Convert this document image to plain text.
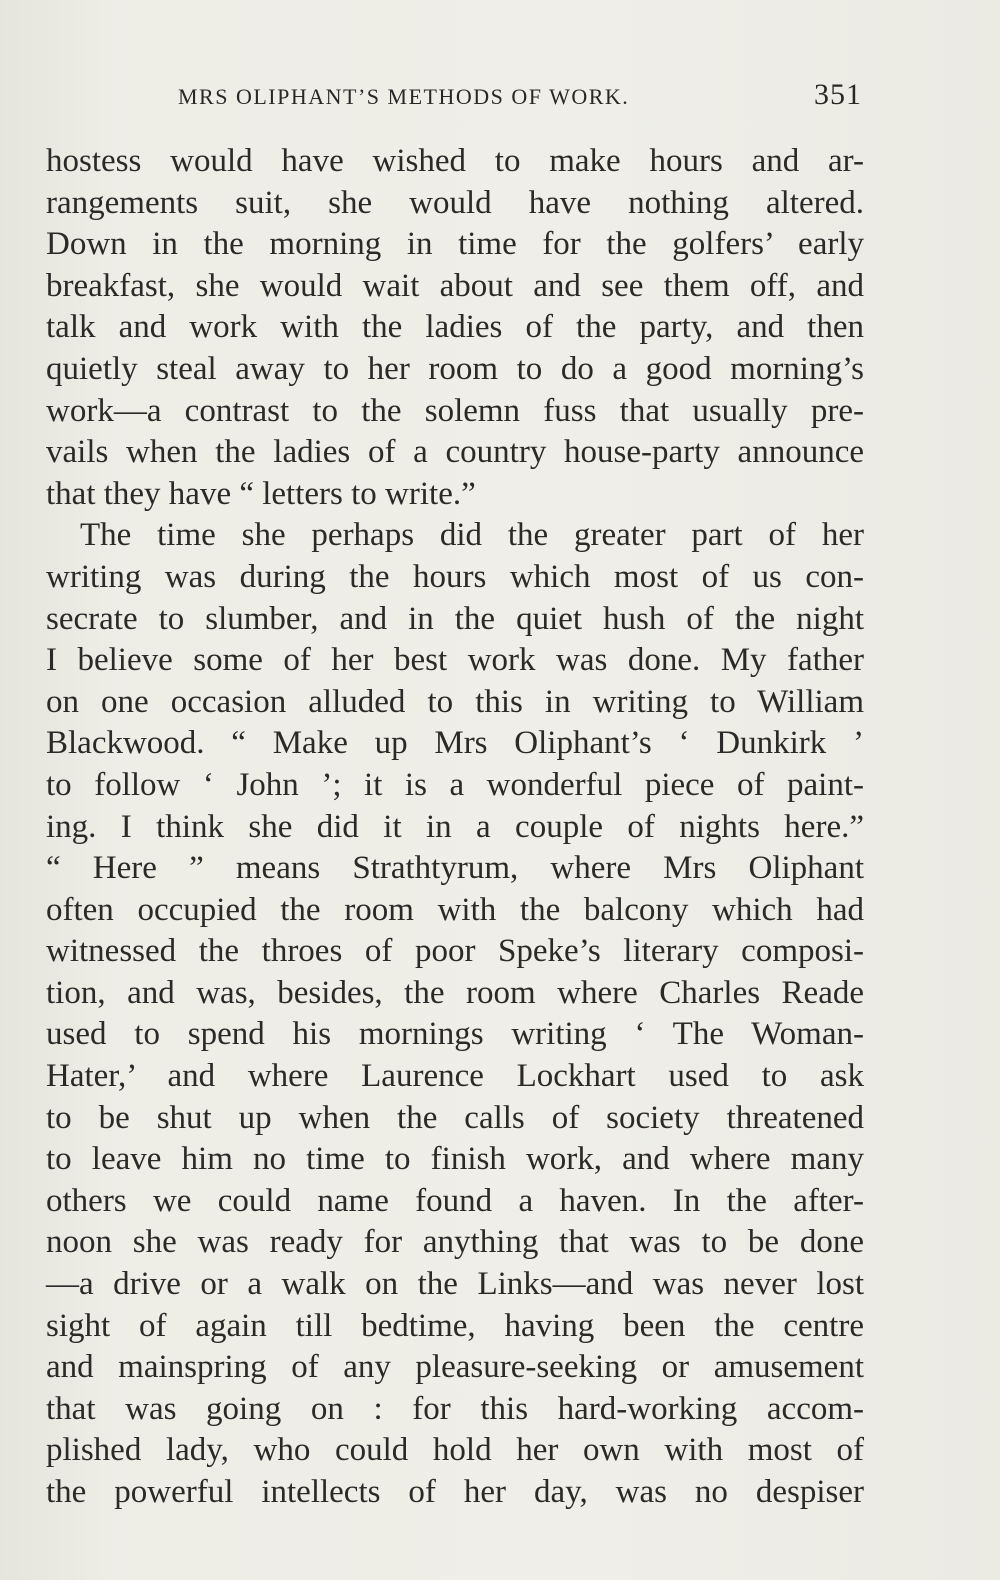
MRS OLIPHANT’S METHODS OF WORK.	351
hostess would have wished to make hours and ar-
rangements suit, she would have nothing altered.
Down in the morning in time for the golfers’ early
breakfast, she would wait about and see them off, and
talk and work with the ladies of the party, and then
quietly steal away to her room to do a good morning’s
work—a contrast to the solemn fuss that usually pre-
vails when the ladies of a country house-party announce
that they have “ letters to write.”
The time she perhaps did the greater part of her
writing was during the hours which most of us con-
secrate to slumber, and in the quiet hush of the night
I believe some of her best work was done. My father
on one occasion alluded to this in writing to William
Blackwood. “ Make up Mrs Oliphant’s ‘ Dunkirk ’
to follow ‘ John ’; it is a wonderful piece of paint-
ing. I think she did it in a couple of nights here.”
“ Here ” means Strathtyrum, where Mrs Oliphant
often occupied the room with the balcony which had
witnessed the throes of poor Speke’s literary composi-
tion, and was, besides, the room where Charles Reade
used to spend his mornings writing ‘ The Woman-
Hater,’ and where Laurence Lockhart used to ask
to be shut up when the calls of society threatened
to leave him no time to finish work, and where many
others we could name found a haven. In the after-
noon she was ready for anything that was to be done
—a drive or a walk on the Links—and was never lost
sight of again till bedtime, having been the centre
and mainspring of any pleasure-seeking or amusement
that was going on : for this hard-working accom-
plished lady, who could hold her own with most of
the powerful intellects of her day, was no despiser
